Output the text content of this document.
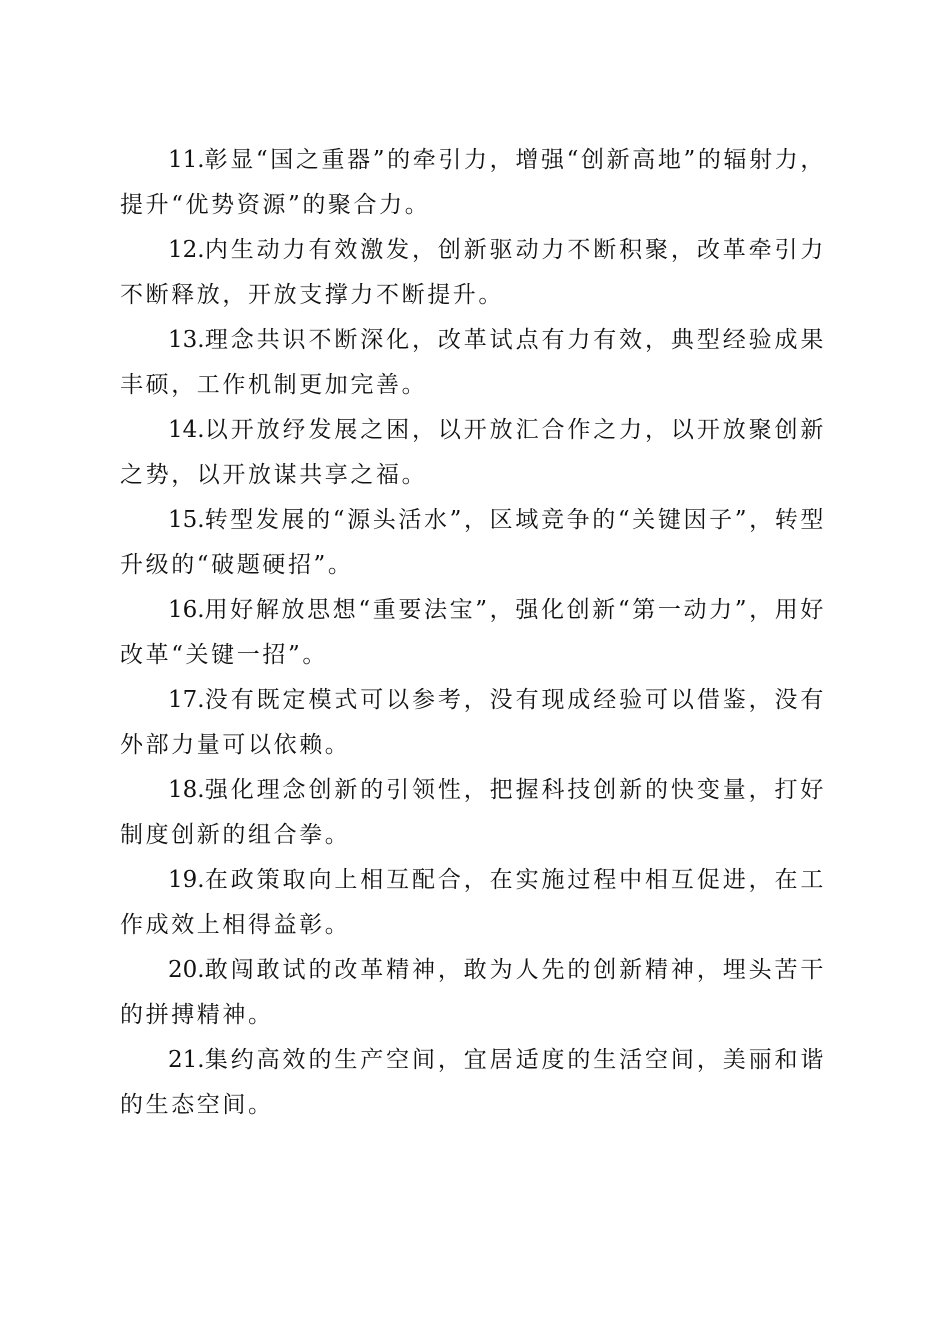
11.彰显“国之重器”的牵引力，增强“创新高地”的辐射力，提升“优势资源”的聚合力。

12.内生动力有效激发，创新驱动力不断积聚，改革牵引力不断释放，开放支撑力不断提升。

13.理念共识不断深化，改革试点有力有效，典型经验成果丰硕，工作机制更加完善。

14.以开放纾发展之困，以开放汇合作之力，以开放聚创新之势，以开放谋共享之福。

15.转型发展的“源头活水”，区域竞争的“关键因子”，转型升级的“破题硬招”。

16.用好解放思想“重要法宝”，强化创新“第一动力”，用好改革“关键一招”。

17.没有既定模式可以参考，没有现成经验可以借鉴，没有外部力量可以依赖。

18.强化理念创新的引领性，把握科技创新的快变量，打好制度创新的组合拳。

19.在政策取向上相互配合，在实施过程中相互促进，在工作成效上相得益彰。

20.敢闯敢试的改革精神，敢为人先的创新精神，埋头苦干的拼搏精神。

21.集约高效的生产空间，宜居适度的生活空间，美丽和谐的生态空间。
